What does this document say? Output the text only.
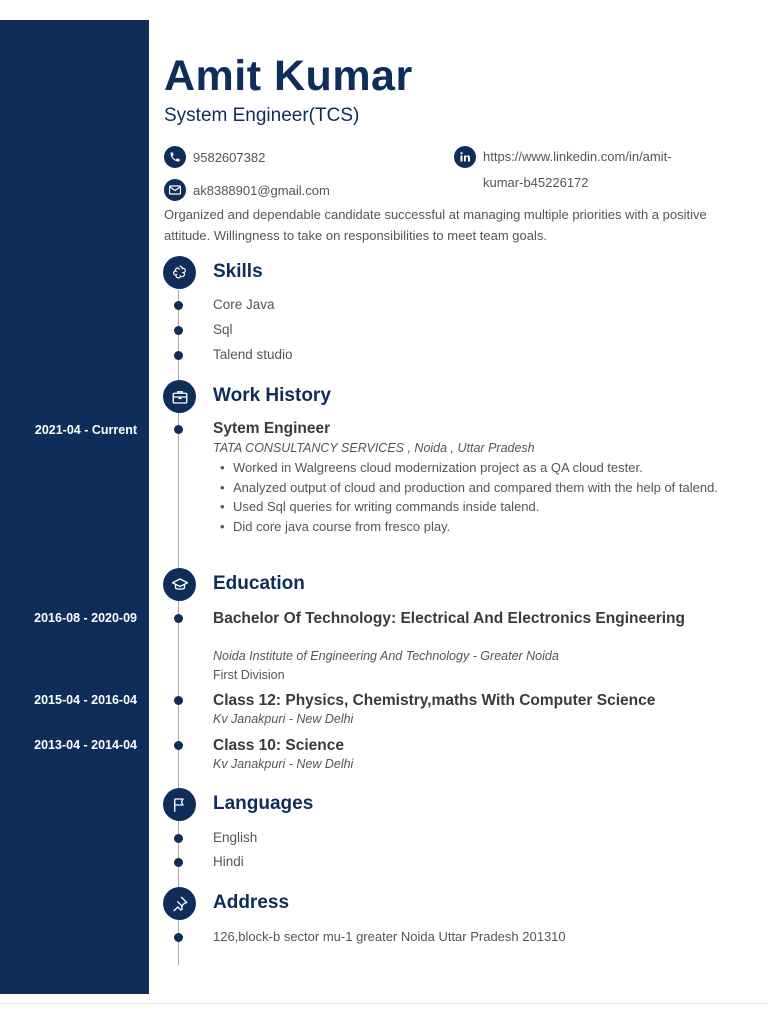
2021-04 - Current
2016-08 - 2020-09
2015-04 - 2016-04
2013-04 - 2014-04
Amit Kumar
System Engineer(TCS)
9582607382
ak8388901@gmail.com
https://www.linkedin.com/in/amit-
kumar-b45226172
Organized and dependable candidate successful at managing multiple priorities with a positive attitude. Willingness to take on responsibilities to meet team goals.
Skills
Core Java
Sql
Talend studio
Work History
Sytem Engineer
TATA CONSULTANCY SERVICES , Noida , Uttar Pradesh
• Worked in Walgreens cloud modernization project as a QA cloud tester.
• Analyzed output of cloud and production and compared them with the help of talend.
• Used Sql queries for writing commands inside talend.
• Did core java course from fresco play.
Education
Bachelor Of Technology: Electrical And Electronics Engineering
Noida Institute of Engineering And Technology - Greater Noida
First Division
Class 12: Physics, Chemistry,maths With Computer Science
Kv Janakpuri - New Delhi
Class 10: Science
Kv Janakpuri - New Delhi
Languages
English
Hindi
Address
126,block-b sector mu-1 greater Noida Uttar Pradesh 201310
